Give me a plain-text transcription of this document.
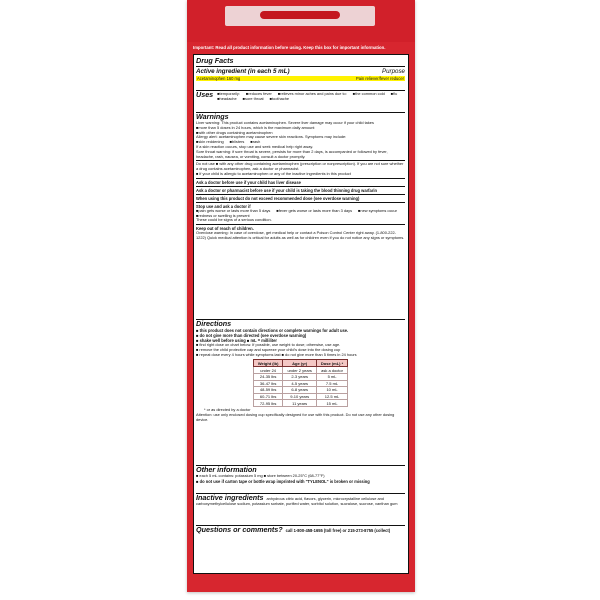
Important: Read all product information before using. Keep this box for important information.

Drug Facts

Active ingredient (in each 5 mL)	Purpose
Acetaminophen 160 mg	Pain reliever/fever reducer
Uses	■ temporarily:	■ reduces fever	■ relieves minor aches and pains due to:	■ the common cold	■ flu
■ headache	■ sore throat	■ toothache

Warnings

Liver warning: This product contains acetaminophen. Severe liver damage may occur if your child takes

■ more than 5 doses in 24 hours, which is the maximum daily amount
■ with other drugs containing acetaminophen

Allergy alert: acetaminophen may cause severe skin reactions. Symptoms may include:

■ skin reddening	■ blisters	■ rash

If a skin reaction occurs, stop use and seek medical help right away.

Sore throat warning: if sore throat is severe, persists for more than 2 days, is accompanied or followed by fever, headache, rash, nausea, or vomiting, consult a doctor promptly.

Do not use ■ with any other drug containing acetaminophen (prescription or nonprescription). If you are not sure whether a drug contains acetaminophen, ask a doctor or pharmacist.

■ if your child is allergic to acetaminophen or any of the inactive ingredients in this product

Ask a doctor before use if your child has liver disease

Ask a doctor or pharmacist before use if your child is taking the blood thinning drug warfarin

When using this product do not exceed recommended dose (see overdose warning)

Stop use and ask a doctor if

■ pain gets worse or lasts more than 5 days	■ fever gets worse or lasts more than 3 days	■ new symptoms occur
■ redness or swelling is present

These could be signs of a serious condition.

Keep out of reach of children.

Overdose warning: In case of overdose, get medical help or contact a Poison Control Center right away. (1-800-222-1222) Quick medical attention is critical for adults as well as for children even if you do not notice any signs or symptoms.

Directions

■ this product does not contain directions or complete warnings for adult use.

■ do not give more than directed (see overdose warning)

■ shake well before using ■ mL = milliliter

■ find right dose on chart below. If possible, use weight to dose; otherwise, use age.

■ remove the child protective cap and squeeze your child's dose into the dosing cup

■ repeat dose every 4 hours while symptoms last ■ do not give more than 5 times in 24 hours

Weight (lb)	Age (yr)	Dose (mL) *
under 24	under 2 years	ask a doctor
24-35 lbs	2-3 years	5 mL
36-47 lbs	4-5 years	7.5 mL
48-59 lbs	6-8 years	10 mL
60-71 lbs	9-10 years	12.5 mL
72-95 lbs	11 years	15 mL

* or as directed by a doctor

Attention: use only enclosed dosing cup specifically designed for use with this product. Do not use any other dosing device.

Other information

■ each 5 mL contains: potassium 5 mg ■ store between 20-25°C (68-77°F)

■ do not use if carton tape or bottle wrap imprinted with "TYLENOL" is broken or missing

Inactive ingredients anhydrous citric acid, flavors, glycerin, microcrystalline cellulose and carboxymethylcellulose sodium, potassium sorbate, purified water, sorbitol solution, sucralose, sucrose, xanthan gum

Questions or comments? call 1-800-458-1655 (toll free) or 215-273-8755 (collect)
